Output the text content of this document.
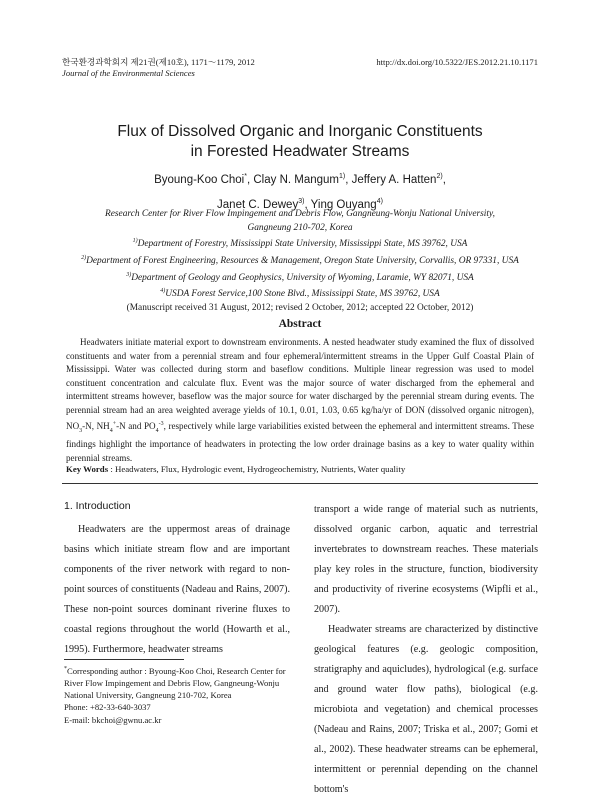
한국환경과학회지 제21권(제10호), 1171～1179, 2012
Journal of the Environmental Sciences
http://dx.doi.org/10.5322/JES.2012.21.10.1171
Flux of Dissolved Organic and Inorganic Constituents
in Forested Headwater Streams
Byoung-Koo Choi*, Clay N. Mangum$^{1)}$, Jeffery A. Hatten$^{2)}$,
Janet C. Dewey$^{3)}$, Ying Ouyang$^{4)}$
Research Center for River Flow Impingement and Debris Flow, Gangneung-Wonju National University,
Gangneung 210-702, Korea
$^{1)}$Department of Forestry, Mississippi State University, Mississippi State, MS 39762, USA
$^{2)}$Department of Forest Engineering, Resources & Management, Oregon State University, Corvallis, OR 97331, USA
$^{3)}$Department of Geology and Geophysics, University of Wyoming, Laramie, WY 82071, USA
$^{4)}$USDA Forest Service,100 Stone Blvd., Mississippi State, MS 39762, USA
(Manuscript received 31 August, 2012; revised 2 October, 2012; accepted 22 October, 2012)
Abstract
Headwaters initiate material export to downstream environments. A nested headwater study examined the flux of dissolved constituents and water from a perennial stream and four ephemeral/intermittent streams in the Upper Gulf Coastal Plain of Mississippi. Water was collected during storm and baseflow conditions. Multiple linear regression was used to model constituent concentration and calculate flux. Event was the major source of water discharged from the ephemeral and intermittent streams however, baseflow was the major source for water discharged by the perennial stream during events. The perennial stream had an area weighted average yields of 10.1, 0.01, 1.03, 0.65 kg/ha/yr of DON (dissolved organic nitrogen), $NO_3-N$, $NH_4^+-N$ and $PO_4^{-3}$, respectively while large variabilities existed between the ephemeral and intermittent streams. These findings highlight the importance of headwaters in protecting the low order drainage basins as a key to water quality within perennial streams.
Key Words : Headwaters, Flux, Hydrologic event, Hydrogeochemistry, Nutrients, Water quality
1. Introduction

Headwaters are the uppermost areas of drainage basins which initiate stream flow and are important components of the river network with regard to non-point sources of constituents (Nadeau and Rains, 2007). These non-point sources dominant riverine fluxes to coastal regions throughout the world (Howarth et al., 1995). Furthermore, headwater streams

transport a wide range of material such as nutrients, dissolved organic carbon, aquatic and terrestrial invertebrates to downstream reaches. These materials play key roles in the structure, function, biodiversity and productivity of riverine ecosystems (Wipfli et al., 2007).

Headwater streams are characterized by distinctive geological features (e.g. geologic composition, stratigraphy and aquicludes), hydrological (e.g. surface and ground water flow paths), biological (e.g. microbiota and vegetation) and chemical processes (Nadeau and Rains, 2007; Triska et al., 2007; Gomi et al., 2002). These headwater streams can be ephemeral, intermittent or perennial depending on the channel bottom's

*Corresponding author : Byoung-Koo Choi, Research Center for River Flow Impingement and Debris Flow, Gangneung-Wonju National University, Gangneung 210-702, Korea
Phone: +82-33-640-3037
E-mail: bkchoi@gwnu.ac.kr
